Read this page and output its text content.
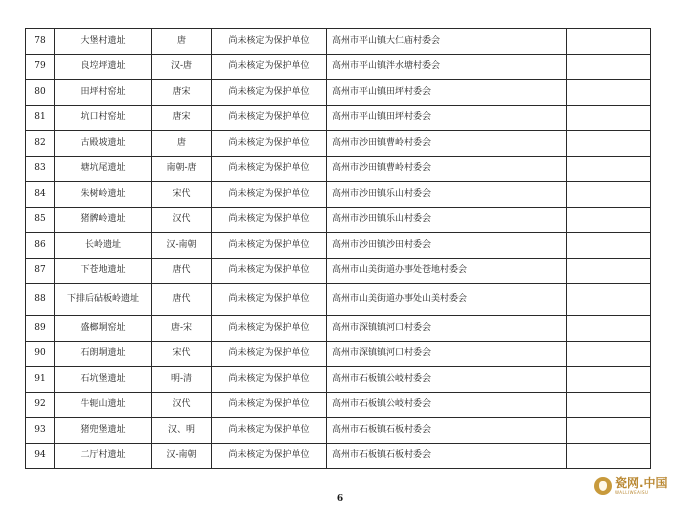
78	大堡村遗址	唐	尚未核定为保护单位	高州市平山镇大仁庙村委会	
79	良埪坪遗址	汉-唐	尚未核定为保护单位	高州市平山镇泮水塘村委会	
80	田坪村窑址	唐宋	尚未核定为保护单位	高州市平山镇田坪村委会	
81	坑口村窑址	唐宋	尚未核定为保护单位	高州市平山镇田坪村委会	
82	古殿坡遗址	唐	尚未核定为保护单位	高州市沙田镇曹岭村委会	
83	塘坑尾遗址	南朝-唐	尚未核定为保护单位	高州市沙田镇曹岭村委会	
84	朱树岭遗址	宋代	尚未核定为保护单位	高州市沙田镇乐山村委会	
85	猪髀岭遗址	汉代	尚未核定为保护单位	高州市沙田镇乐山村委会	
86	长岭遗址	汉-南朝	尚未核定为保护单位	高州市沙田镇沙田村委会	
87	下苍地遗址	唐代	尚未核定为保护单位	高州市山美街道办事处苍地村委会	
88	下排后砧板岭遗址	唐代	尚未核定为保护单位	高州市山美街道办事处山美村委会	
89	盛榔垌窑址	唐-宋	尚未核定为保护单位	高州市深镇镇河口村委会	
90	石朗垌遗址	宋代	尚未核定为保护单位	高州市深镇镇河口村委会	
91	石坑堡遗址	明-清	尚未核定为保护单位	高州市石板镇公岐村委会	
92	牛轭山遗址	汉代	尚未核定为保护单位	高州市石板镇公岐村委会	
93	猪兜堡遗址	汉、明	尚未核定为保护单位	高州市石板镇石板村委会	
94	二厅村遗址	汉-南朝	尚未核定为保护单位	高州市石板镇石板村委会	
6
瓷网.中国
WALLIWEAISU
